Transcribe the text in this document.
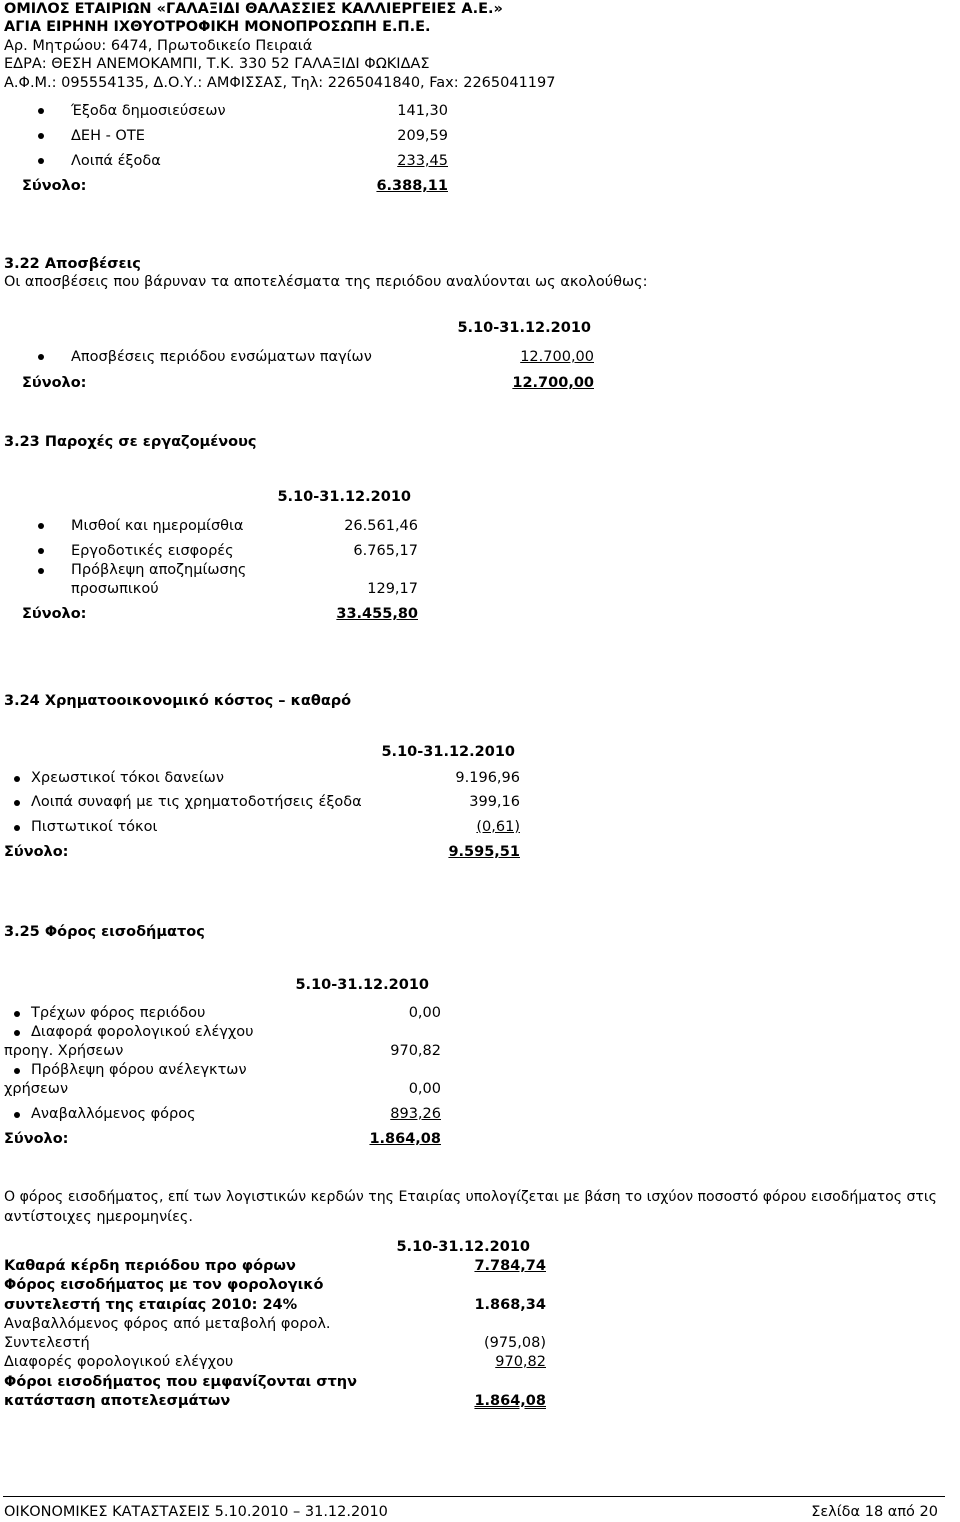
ΟΜΙΛΟΣ ΕΤΑΙΡΙΩΝ «ΓΑΛΑΞΙΔΙ ΘΑΛΑΣΣΙΕΣ ΚΑΛΛΙΕΡΓΕΙΕΣ Α.Ε.»
ΑΓΙΑ ΕΙΡΗΝΗ ΙΧΘΥΟΤΡΟΦΙΚΗ ΜΟΝΟΠΡΟΣΩΠΗ Ε.Π.Ε.
Αρ. Μητρώου: 6474, Πρωτοδικείο Πειραιά
ΕΔΡΑ: ΘΕΣΗ ΑΝΕΜΟΚΑΜΠΙ, Τ.Κ. 330 52 ΓΑΛΑΞΙΔΙ ΦΩΚΙΔΑΣ
Α.Φ.Μ.: 095554135, Δ.Ο.Υ.: ΑΜΦΙΣΣΑΣ, Τηλ: 2265041840, Fax: 2265041197
Έξοδα δημοσιεύσεων	141,30
ΔΕΗ - ΟΤΕ	209,59
Λοιπά έξοδα	233,45
Σύνολο:	6.388,11
3.22 Αποσβέσεις
Οι αποσβέσεις που βάρυναν τα αποτελέσματα της περιόδου αναλύονται ως ακολούθως:
5.10-31.12.2010
Αποσβέσεις περιόδου ενσώματων παγίων	12.700,00
Σύνολο:	12.700,00
3.23 Παροχές σε εργαζομένους
5.10-31.12.2010
Μισθοί και ημερομίσθια	26.561,46
Εργοδοτικές εισφορές	6.765,17
Πρόβλεψη αποζημίωσης
προσωπικού	129,17
Σύνολο:	33.455,80
3.24 Χρηματοοικονομικό κόστος – καθαρό
5.10-31.12.2010
Χρεωστικοί τόκοι δανείων	9.196,96
Λοιπά συναφή με τις χρηματοδοτήσεις έξοδα	399,16
Πιστωτικοί τόκοι	(0,61)
Σύνολο:	9.595,51
3.25 Φόρος εισοδήματος
5.10-31.12.2010
Τρέχων φόρος περιόδου	0,00
Διαφορά φορολογικού ελέγχου
προηγ. Χρήσεων	970,82
Πρόβλεψη φόρου ανέλεγκτων
χρήσεων	0,00
Αναβαλλόμενος φόρος	893,26
Σύνολο:	1.864,08
Ο φόρος εισοδήματος, επί των λογιστικών κερδών της Εταιρίας υπολογίζεται με βάση το ισχύον ποσοστό φόρου εισοδήματος στις
αντίστοιχες ημερομηνίες.
5.10-31.12.2010
Καθαρά κέρδη περιόδου προ φόρων	7.784,74
Φόρος εισοδήματος με τον φορολογικό
συντελεστή της εταιρίας 2010: 24%	1.868,34
Αναβαλλόμενος φόρος από μεταβολή φορολ.
Συντελεστή	(975,08)
Διαφορές φορολογικού ελέγχου	970,82
Φόροι εισοδήματος που εμφανίζονται στην
κατάσταση αποτελεσμάτων	1.864,08
ΟΙΚΟΝΟΜΙΚΕΣ ΚΑΤΑΣΤΑΣΕΙΣ 5.10.2010 – 31.12.2010	Σελίδα 18 από 20
